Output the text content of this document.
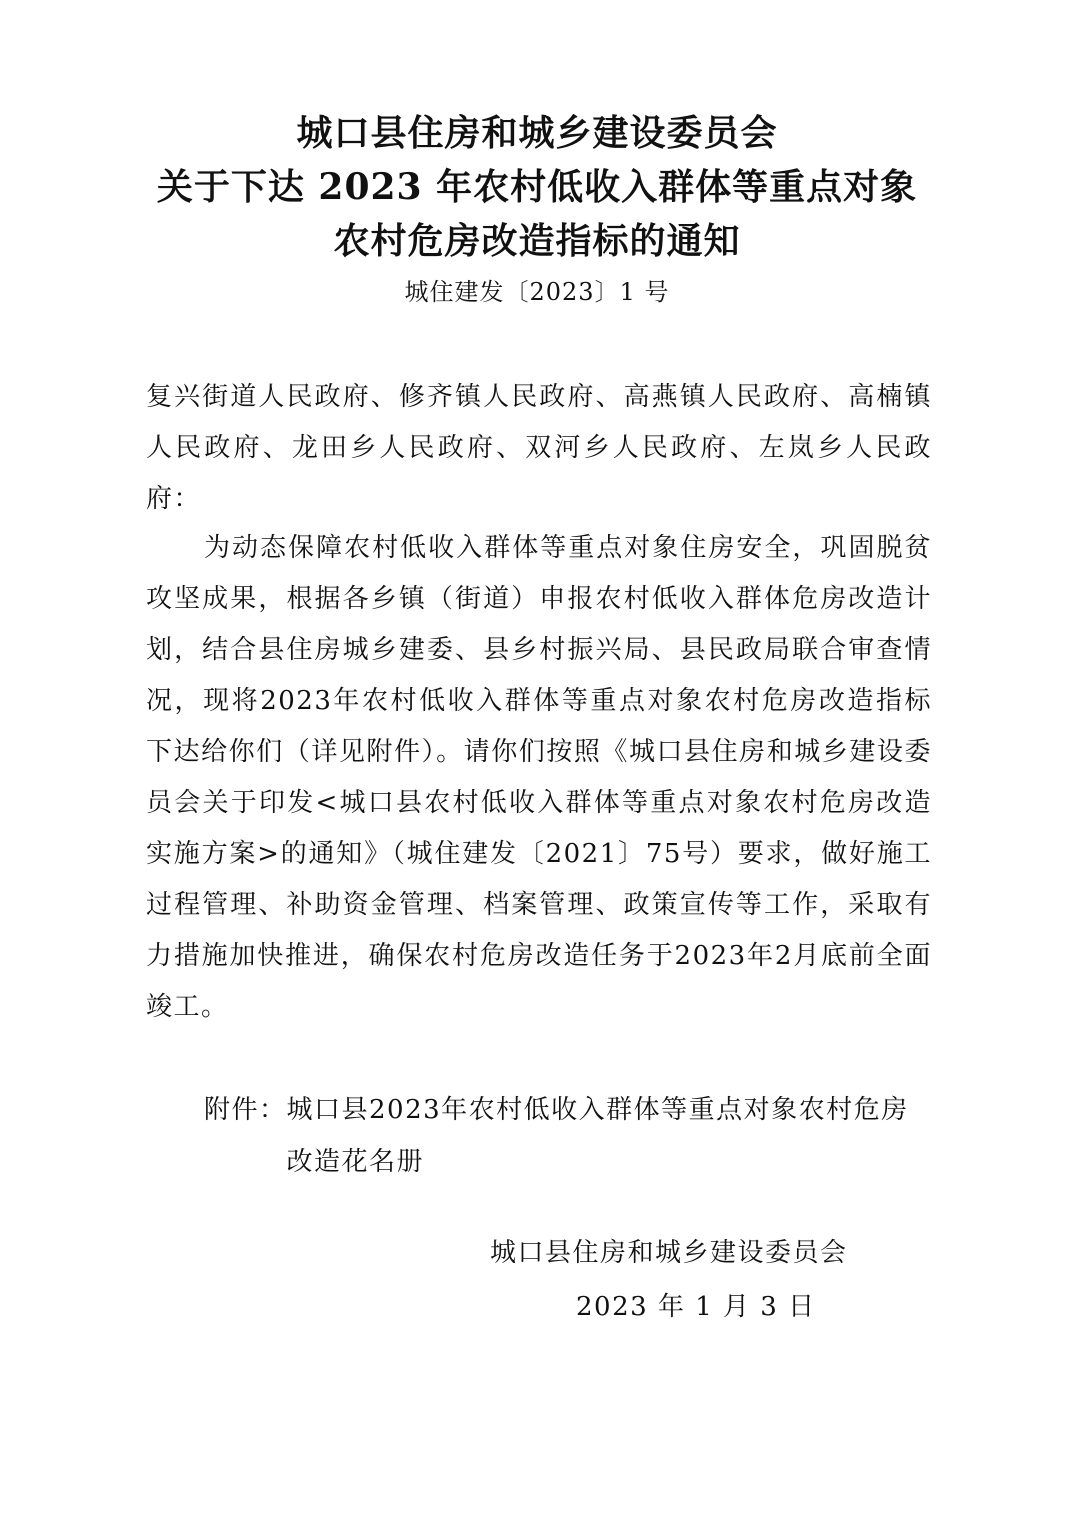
城口县住房和城乡建设委员会
关于下达 2023 年农村低收入群体等重点对象
农村危房改造指标的通知
城住建发〔2023〕1 号
复兴街道人民政府、修齐镇人民政府、高燕镇人民政府、高楠镇人民政府、龙田乡人民政府、双河乡人民政府、左岚乡人民政府：
为动态保障农村低收入群体等重点对象住房安全，巩固脱贫攻坚成果，根据各乡镇（街道）申报农村低收入群体危房改造计划，结合县住房城乡建委、县乡村振兴局、县民政局联合审查情况，现将2023年农村低收入群体等重点对象农村危房改造指标下达给你们（详见附件）。请你们按照《城口县住房和城乡建设委员会关于印发<城口县农村低收入群体等重点对象农村危房改造实施方案>的通知》（城住建发〔2021〕75号）要求，做好施工过程管理、补助资金管理、档案管理、政策宣传等工作，采取有力措施加快推进，确保农村危房改造任务于2023年2月底前全面竣工。
附件： 城口县2023年农村低收入群体等重点对象农村危房改造花名册
城口县住房和城乡建设委员会
2023 年 1 月 3 日
